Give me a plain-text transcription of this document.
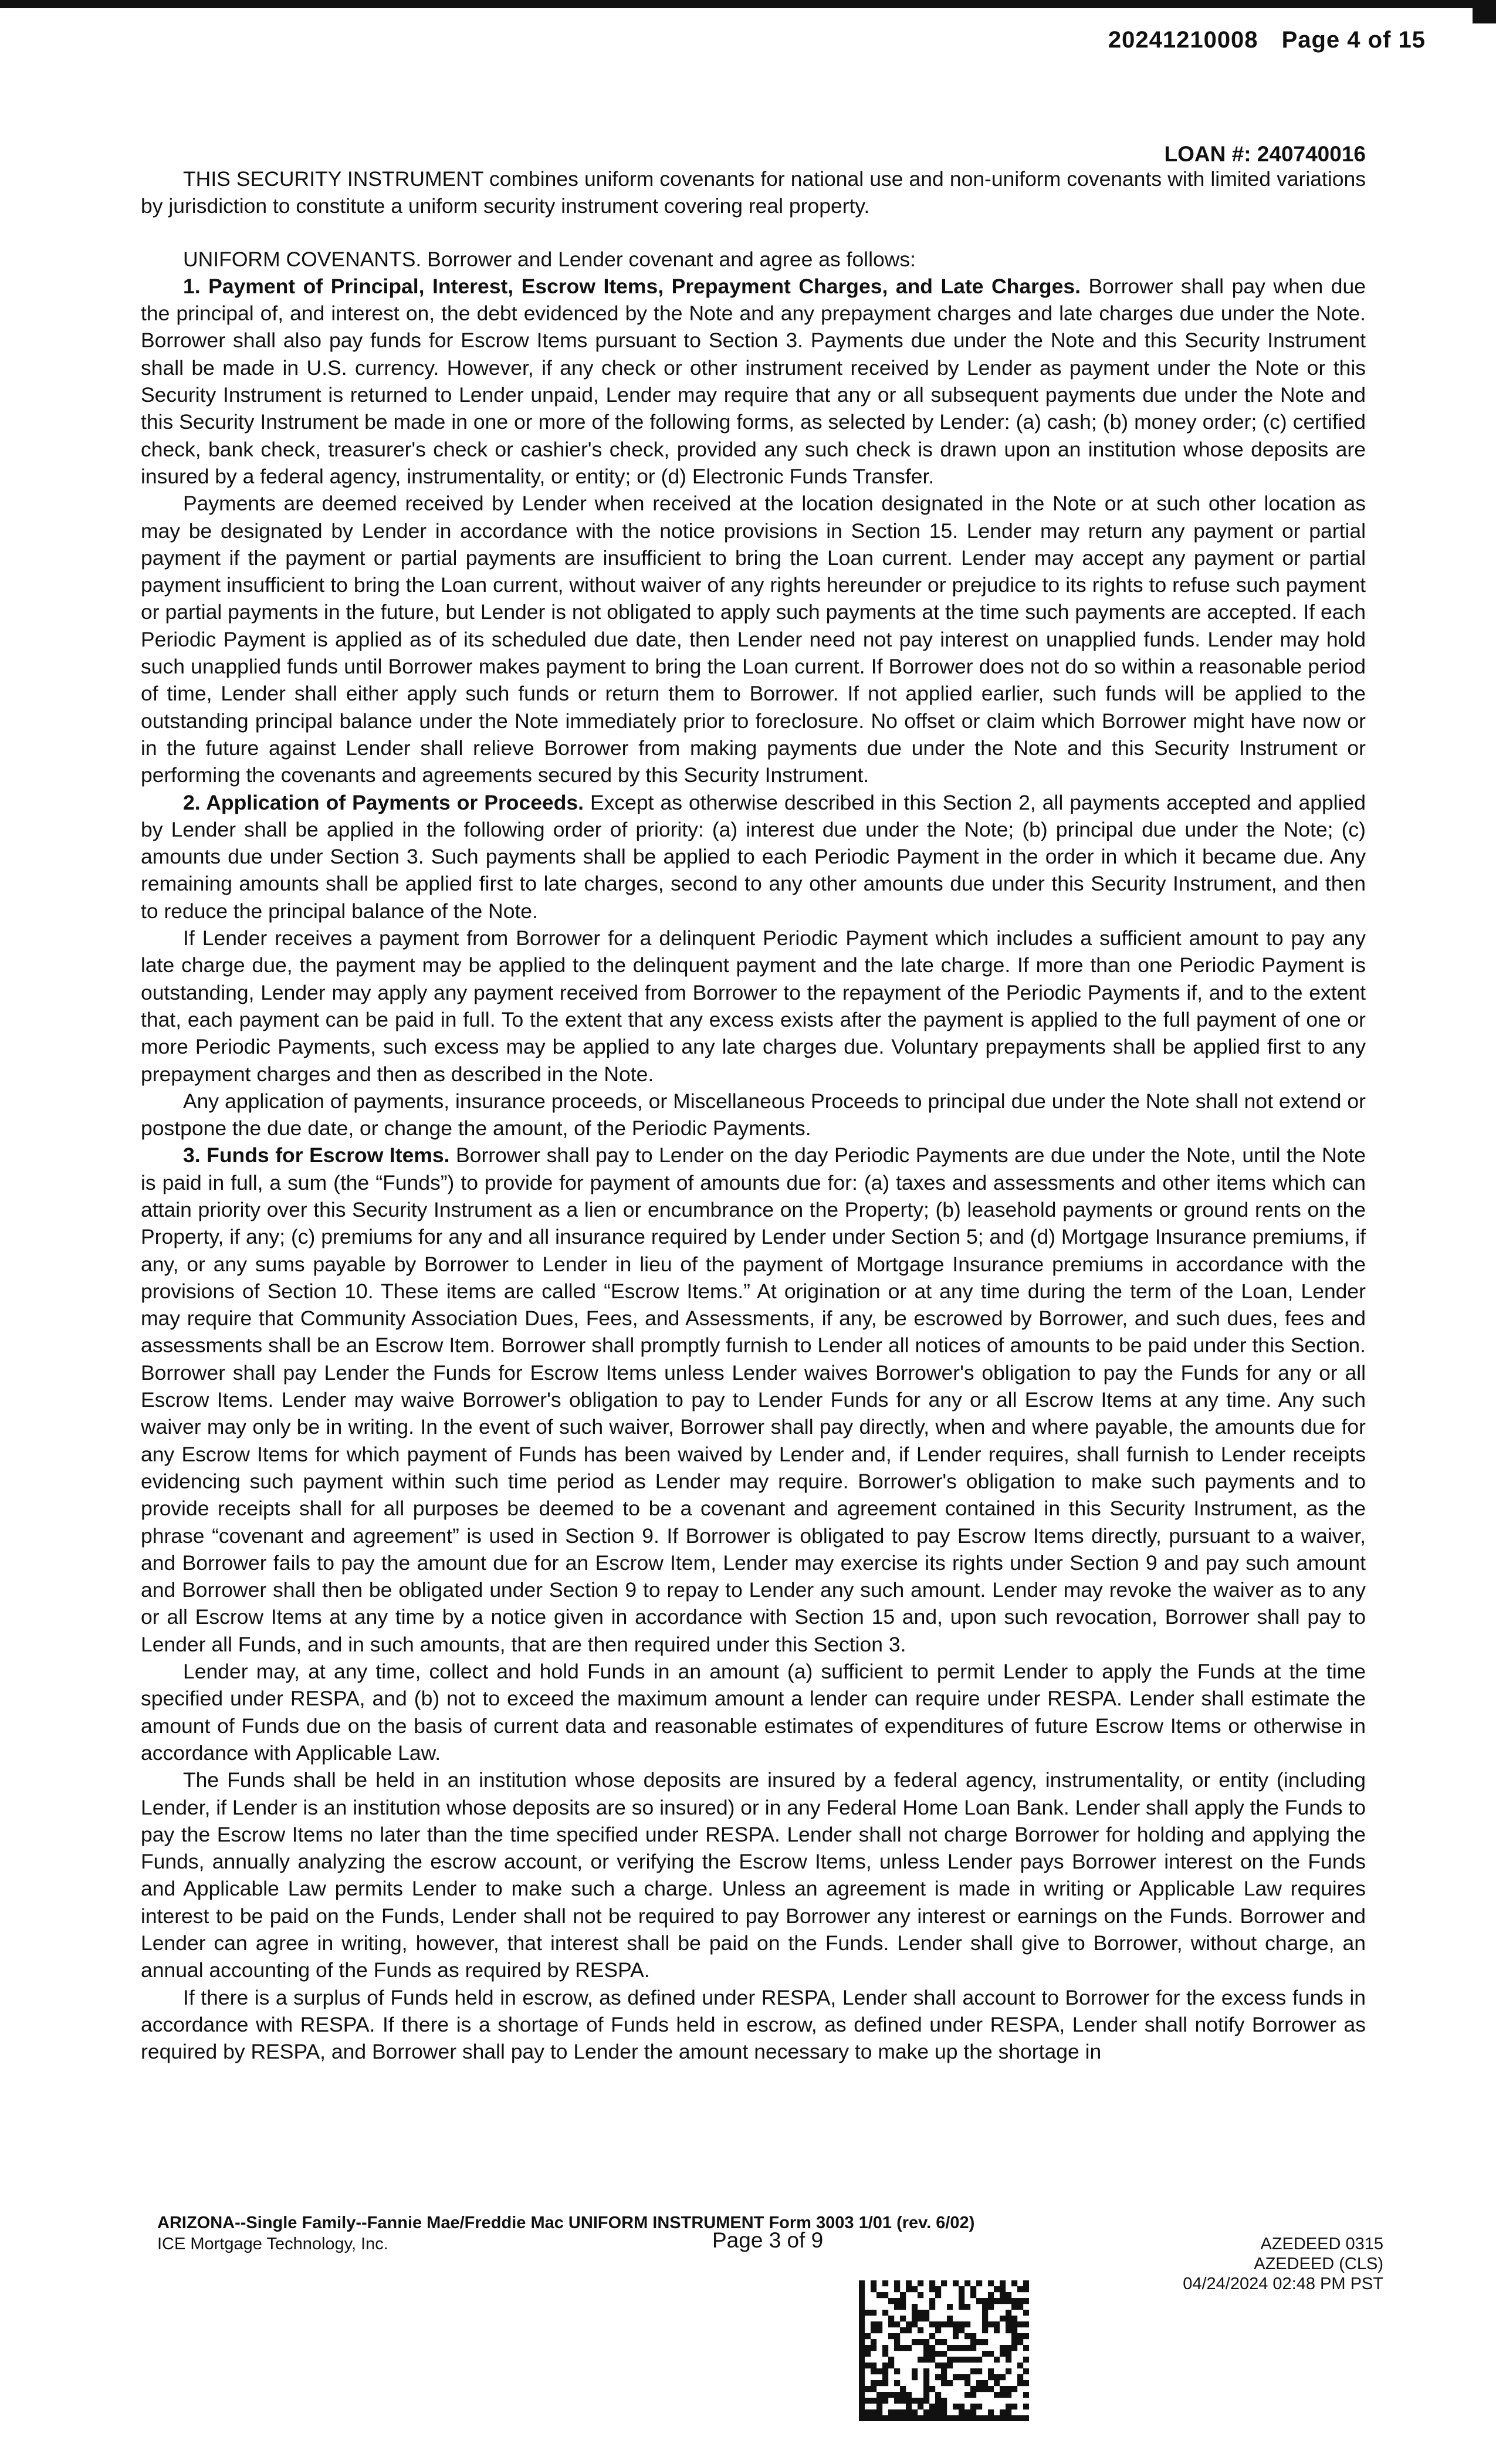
20241210008 Page 4 of 15
LOAN #: 240740016

THIS SECURITY INSTRUMENT combines uniform covenants for national use and non-uniform covenants with limited variations by jurisdiction to constitute a uniform security instrument covering real property.

UNIFORM COVENANTS. Borrower and Lender covenant and agree as follows:

1. Payment of Principal, Interest, Escrow Items, Prepayment Charges, and Late Charges. Borrower shall pay when due the principal of, and interest on, the debt evidenced by the Note and any prepayment charges and late charges due under the Note. Borrower shall also pay funds for Escrow Items pursuant to Section 3. Payments due under the Note and this Security Instrument shall be made in U.S. currency. However, if any check or other instrument received by Lender as payment under the Note or this Security Instrument is returned to Lender unpaid, Lender may require that any or all subsequent payments due under the Note and this Security Instrument be made in one or more of the following forms, as selected by Lender: (a) cash; (b) money order; (c) certified check, bank check, treasurer's check or cashier's check, provided any such check is drawn upon an institution whose deposits are insured by a federal agency, instrumentality, or entity; or (d) Electronic Funds Transfer.

Payments are deemed received by Lender when received at the location designated in the Note or at such other location as may be designated by Lender in accordance with the notice provisions in Section 15. Lender may return any payment or partial payment if the payment or partial payments are insufficient to bring the Loan current. Lender may accept any payment or partial payment insufficient to bring the Loan current, without waiver of any rights hereunder or prejudice to its rights to refuse such payment or partial payments in the future, but Lender is not obligated to apply such payments at the time such payments are accepted. If each Periodic Payment is applied as of its scheduled due date, then Lender need not pay interest on unapplied funds. Lender may hold such unapplied funds until Borrower makes payment to bring the Loan current. If Borrower does not do so within a reasonable period of time, Lender shall either apply such funds or return them to Borrower. If not applied earlier, such funds will be applied to the outstanding principal balance under the Note immediately prior to foreclosure. No offset or claim which Borrower might have now or in the future against Lender shall relieve Borrower from making payments due under the Note and this Security Instrument or performing the covenants and agreements secured by this Security Instrument.

2. Application of Payments or Proceeds. Except as otherwise described in this Section 2, all payments accepted and applied by Lender shall be applied in the following order of priority: (a) interest due under the Note; (b) principal due under the Note; (c) amounts due under Section 3. Such payments shall be applied to each Periodic Payment in the order in which it became due. Any remaining amounts shall be applied first to late charges, second to any other amounts due under this Security Instrument, and then to reduce the principal balance of the Note.

If Lender receives a payment from Borrower for a delinquent Periodic Payment which includes a sufficient amount to pay any late charge due, the payment may be applied to the delinquent payment and the late charge. If more than one Periodic Payment is outstanding, Lender may apply any payment received from Borrower to the repayment of the Periodic Payments if, and to the extent that, each payment can be paid in full. To the extent that any excess exists after the payment is applied to the full payment of one or more Periodic Payments, such excess may be applied to any late charges due. Voluntary prepayments shall be applied first to any prepayment charges and then as described in the Note.

Any application of payments, insurance proceeds, or Miscellaneous Proceeds to principal due under the Note shall not extend or postpone the due date, or change the amount, of the Periodic Payments.

3. Funds for Escrow Items. Borrower shall pay to Lender on the day Periodic Payments are due under the Note, until the Note is paid in full, a sum (the “Funds”) to provide for payment of amounts due for: (a) taxes and assessments and other items which can attain priority over this Security Instrument as a lien or encumbrance on the Property; (b) leasehold payments or ground rents on the Property, if any; (c) premiums for any and all insurance required by Lender under Section 5; and (d) Mortgage Insurance premiums, if any, or any sums payable by Borrower to Lender in lieu of the payment of Mortgage Insurance premiums in accordance with the provisions of Section 10. These items are called “Escrow Items.” At origination or at any time during the term of the Loan, Lender may require that Community Association Dues, Fees, and Assessments, if any, be escrowed by Borrower, and such dues, fees and assessments shall be an Escrow Item. Borrower shall promptly furnish to Lender all notices of amounts to be paid under this Section. Borrower shall pay Lender the Funds for Escrow Items unless Lender waives Borrower's obligation to pay the Funds for any or all Escrow Items. Lender may waive Borrower's obligation to pay to Lender Funds for any or all Escrow Items at any time. Any such waiver may only be in writing. In the event of such waiver, Borrower shall pay directly, when and where payable, the amounts due for any Escrow Items for which payment of Funds has been waived by Lender and, if Lender requires, shall furnish to Lender receipts evidencing such payment within such time period as Lender may require. Borrower's obligation to make such payments and to provide receipts shall for all purposes be deemed to be a covenant and agreement contained in this Security Instrument, as the phrase “covenant and agreement” is used in Section 9. If Borrower is obligated to pay Escrow Items directly, pursuant to a waiver, and Borrower fails to pay the amount due for an Escrow Item, Lender may exercise its rights under Section 9 and pay such amount and Borrower shall then be obligated under Section 9 to repay to Lender any such amount. Lender may revoke the waiver as to any or all Escrow Items at any time by a notice given in accordance with Section 15 and, upon such revocation, Borrower shall pay to Lender all Funds, and in such amounts, that are then required under this Section 3.

Lender may, at any time, collect and hold Funds in an amount (a) sufficient to permit Lender to apply the Funds at the time specified under RESPA, and (b) not to exceed the maximum amount a lender can require under RESPA. Lender shall estimate the amount of Funds due on the basis of current data and reasonable estimates of expenditures of future Escrow Items or otherwise in accordance with Applicable Law.

The Funds shall be held in an institution whose deposits are insured by a federal agency, instrumentality, or entity (including Lender, if Lender is an institution whose deposits are so insured) or in any Federal Home Loan Bank. Lender shall apply the Funds to pay the Escrow Items no later than the time specified under RESPA. Lender shall not charge Borrower for holding and applying the Funds, annually analyzing the escrow account, or verifying the Escrow Items, unless Lender pays Borrower interest on the Funds and Applicable Law permits Lender to make such a charge. Unless an agreement is made in writing or Applicable Law requires interest to be paid on the Funds, Lender shall not be required to pay Borrower any interest or earnings on the Funds. Borrower and Lender can agree in writing, however, that interest shall be paid on the Funds. Lender shall give to Borrower, without charge, an annual accounting of the Funds as required by RESPA.

If there is a surplus of Funds held in escrow, as defined under RESPA, Lender shall account to Borrower for the excess funds in accordance with RESPA. If there is a shortage of Funds held in escrow, as defined under RESPA, Lender shall notify Borrower as required by RESPA, and Borrower shall pay to Lender the amount necessary to make up the shortage in

ARIZONA--Single Family--Fannie Mae/Freddie Mac UNIFORM INSTRUMENT Form 3003 1/01 (rev. 6/02)
ICE Mortgage Technology, Inc.	Page 3 of 9	AZEDEED 0315
AZEDEED (CLS)
04/24/2024 02:48 PM PST
